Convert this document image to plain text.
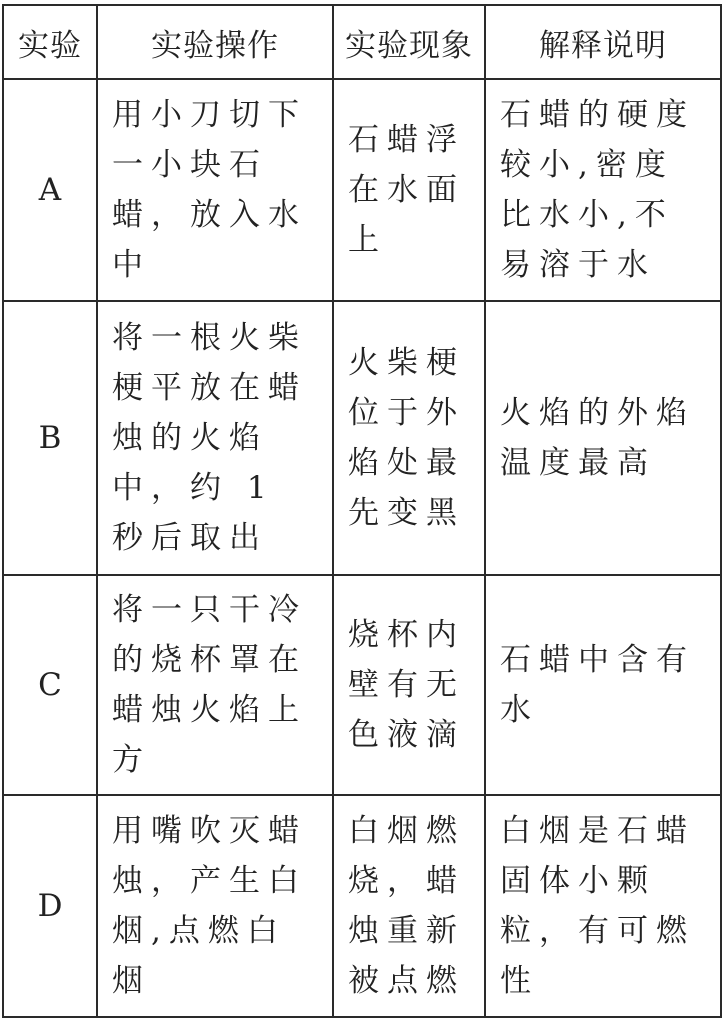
实验	实验操作	实验现象	解释说明
A	用小刀切下一小块石蜡，放入水中	石蜡浮在水面上	石蜡的硬度较小,密度比水小,不易溶于水
B	将一根火柴梗平放在蜡烛的火焰中，约 1 秒后取出	火柴梗位于外焰处最先变黑	火焰的外焰温度最高
C	将一只干冷的烧杯罩在蜡烛火焰上方	烧杯内壁有无色液滴	石蜡中含有水
D	用嘴吹灭蜡烛，产生白烟,点燃白烟	白烟燃烧，蜡烛重新被点燃	白烟是石蜡固体小颗粒，有可燃性
